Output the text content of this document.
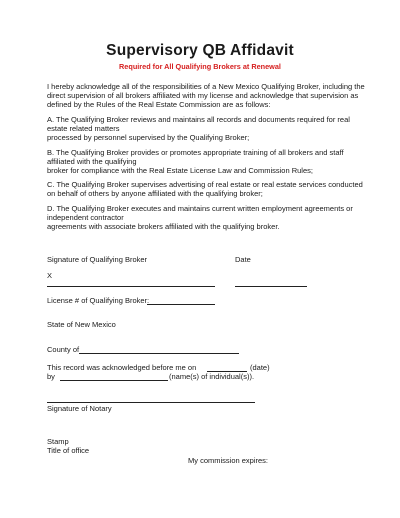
Supervisory QB Affidavit
Required for All Qualifying Brokers at Renewal
I hereby acknowledge all of the responsibilities of a New Mexico Qualifying Broker, including the
direct supervision of all brokers affiliated with my license and acknowledge that supervision as
defined by the Rules of the Real Estate Commission are as follows:
A. The Qualifying Broker reviews and maintains all records and documents required for real
estate related matters
processed by personnel supervised by the Qualifying Broker;
B. The Qualifying Broker provides or promotes appropriate training of all brokers and staff
affiliated with the qualifying
broker for compliance with the Real Estate License Law and Commission Rules;
C. The Qualifying Broker supervises advertising of real estate or real estate services conducted
on behalf of others by anyone affiliated with the qualifying broker;
D. The Qualifying Broker executes and maintains current written employment agreements or
independent contractor
agreements with associate brokers affiliated with the qualifying broker.
Signature of Qualifying Broker	Date
X
License # of Qualifying Broker:
State of New Mexico
County of
This record was acknowledged before me on	(date)
by	(name(s) of individual(s)).
Signature of Notary
Stamp
Title of office
My commission expires:
